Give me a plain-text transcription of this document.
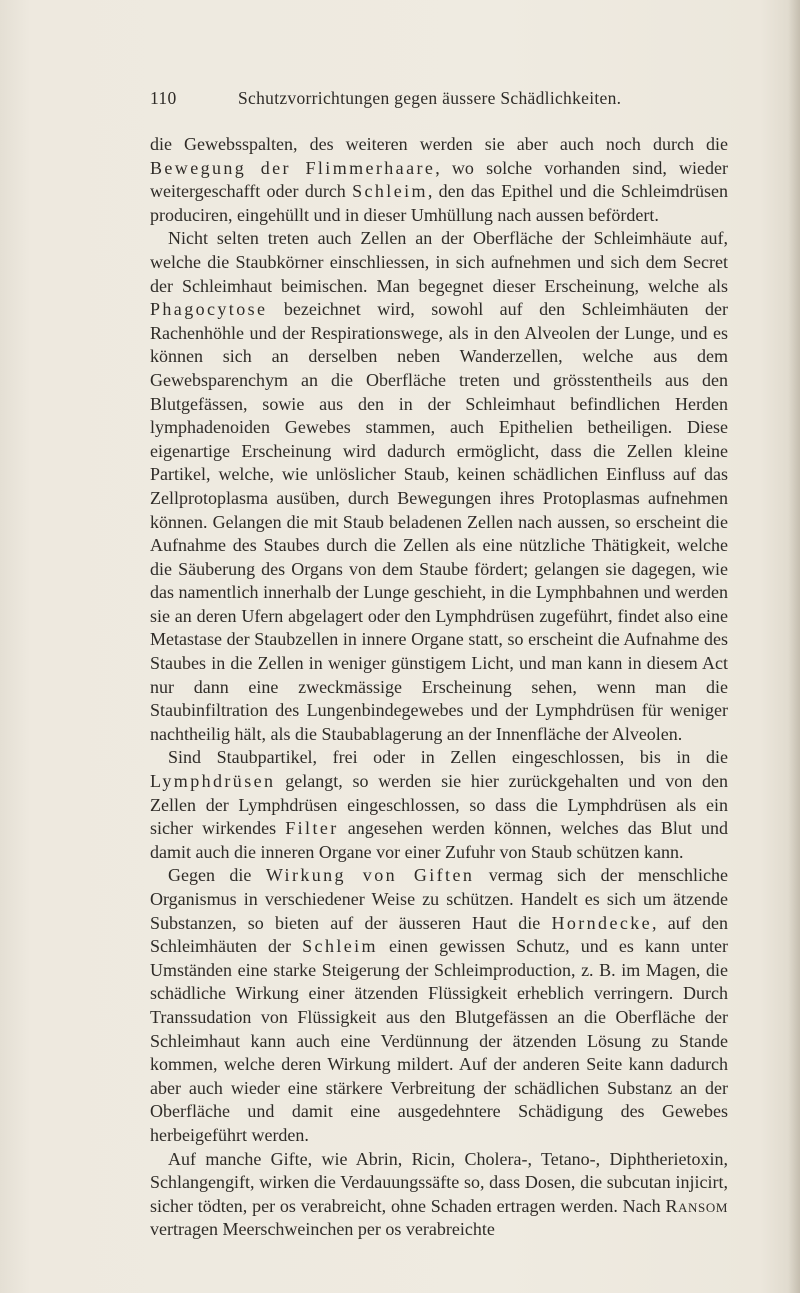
110	Schutzvorrichtungen gegen äussere Schädlichkeiten.

die Gewebsspalten, des weiteren werden sie aber auch noch durch die Bewegung der Flimmerhaare, wo solche vorhanden sind, wieder weitergeschafft oder durch Schleim, den das Epithel und die Schleimdrüsen produciren, eingehüllt und in dieser Umhüllung nach aussen befördert.

Nicht selten treten auch Zellen an der Oberfläche der Schleimhäute auf, welche die Staubkörner einschliessen, in sich aufnehmen und sich dem Secret der Schleimhaut beimischen. Man begegnet dieser Erscheinung, welche als Phagocytose bezeichnet wird, sowohl auf den Schleimhäuten der Rachenhöhle und der Respirationswege, als in den Alveolen der Lunge, und es können sich an derselben neben Wanderzellen, welche aus dem Gewebsparenchym an die Oberfläche treten und grösstentheils aus den Blutgefässen, sowie aus den in der Schleimhaut befindlichen Herden lymphadenoiden Gewebes stammen, auch Epithelien betheiligen. Diese eigenartige Erscheinung wird dadurch ermöglicht, dass die Zellen kleine Partikel, welche, wie unlöslicher Staub, keinen schädlichen Einfluss auf das Zellprotoplasma ausüben, durch Bewegungen ihres Protoplasmas aufnehmen können. Gelangen die mit Staub beladenen Zellen nach aussen, so erscheint die Aufnahme des Staubes durch die Zellen als eine nützliche Thätigkeit, welche die Säuberung des Organs von dem Staube fördert; gelangen sie dagegen, wie das namentlich innerhalb der Lunge geschieht, in die Lymphbahnen und werden sie an deren Ufern abgelagert oder den Lymphdrüsen zugeführt, findet also eine Metastase der Staubzellen in innere Organe statt, so erscheint die Aufnahme des Staubes in die Zellen in weniger günstigem Licht, und man kann in diesem Act nur dann eine zweckmässige Erscheinung sehen, wenn man die Staubinfiltration des Lungenbindegewebes und der Lymphdrüsen für weniger nachtheilig hält, als die Staubablagerung an der Innenfläche der Alveolen.

Sind Staubpartikel, frei oder in Zellen eingeschlossen, bis in die Lymphdrüsen gelangt, so werden sie hier zurückgehalten und von den Zellen der Lymphdrüsen eingeschlossen, so dass die Lymphdrüsen als ein sicher wirkendes Filter angesehen werden können, welches das Blut und damit auch die inneren Organe vor einer Zufuhr von Staub schützen kann.

Gegen die Wirkung von Giften vermag sich der menschliche Organismus in verschiedener Weise zu schützen. Handelt es sich um ätzende Substanzen, so bieten auf der äusseren Haut die Horndecke, auf den Schleimhäuten der Schleim einen gewissen Schutz, und es kann unter Umständen eine starke Steigerung der Schleimproduction, z. B. im Magen, die schädliche Wirkung einer ätzenden Flüssigkeit erheblich verringern. Durch Transsudation von Flüssigkeit aus den Blutgefässen an die Oberfläche der Schleimhaut kann auch eine Verdünnung der ätzenden Lösung zu Stande kommen, welche deren Wirkung mildert. Auf der anderen Seite kann dadurch aber auch wieder eine stärkere Verbreitung der schädlichen Substanz an der Oberfläche und damit eine ausgedehntere Schädigung des Gewebes herbeigeführt werden.

Auf manche Gifte, wie Abrin, Ricin, Cholera-, Tetano-, Diphtherietoxin, Schlangengift, wirken die Verdauungssäfte so, dass Dosen, die subcutan injicirt, sicher tödten, per os verabreicht, ohne Schaden ertragen werden. Nach Ransom vertragen Meerschweinchen per os verabreichte
